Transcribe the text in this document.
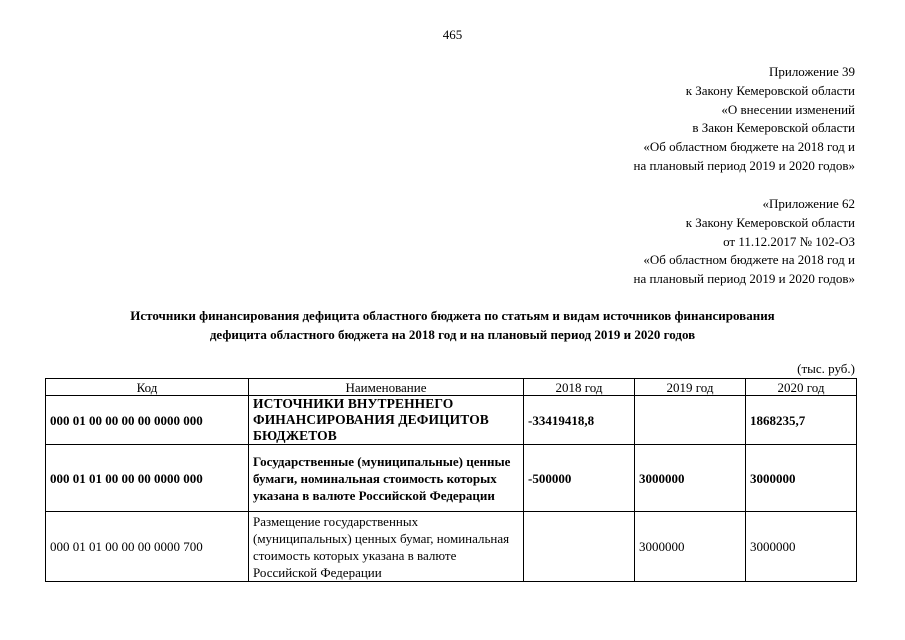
465
Приложение 39
к Закону Кемеровской области
«О внесении изменений
в Закон Кемеровской области
«Об областном бюджете на 2018 год и
на плановый период 2019 и 2020 годов»
«Приложение 62
к Закону Кемеровской области
от 11.12.2017 № 102-ОЗ
«Об областном бюджете на 2018 год и
на плановый период 2019 и 2020 годов»
Источники финансирования дефицита областного бюджета по статьям и видам источников финансирования
дефицита областного бюджета на 2018 год и на плановый период 2019 и 2020 годов
(тыс. руб.)
Код	Наименование	2018 год	2019 год	2020 год
000 01 00 00 00 00 0000 000	ИСТОЧНИКИ ВНУТРЕННЕГО ФИНАНСИРОВАНИЯ ДЕФИЦИТОВ БЮДЖЕТОВ	-33419418,8		1868235,7
000 01 01 00 00 00 0000 000	Государственные (муниципальные) ценные бумаги, номинальная стоимость которых указана в валюте Российской Федерации	-500000	3000000	3000000
000 01 01 00 00 00 0000 700	Размещение государственных (муниципальных) ценных бумаг, номинальная стоимость которых указана в валюте Российской Федерации		3000000	3000000
